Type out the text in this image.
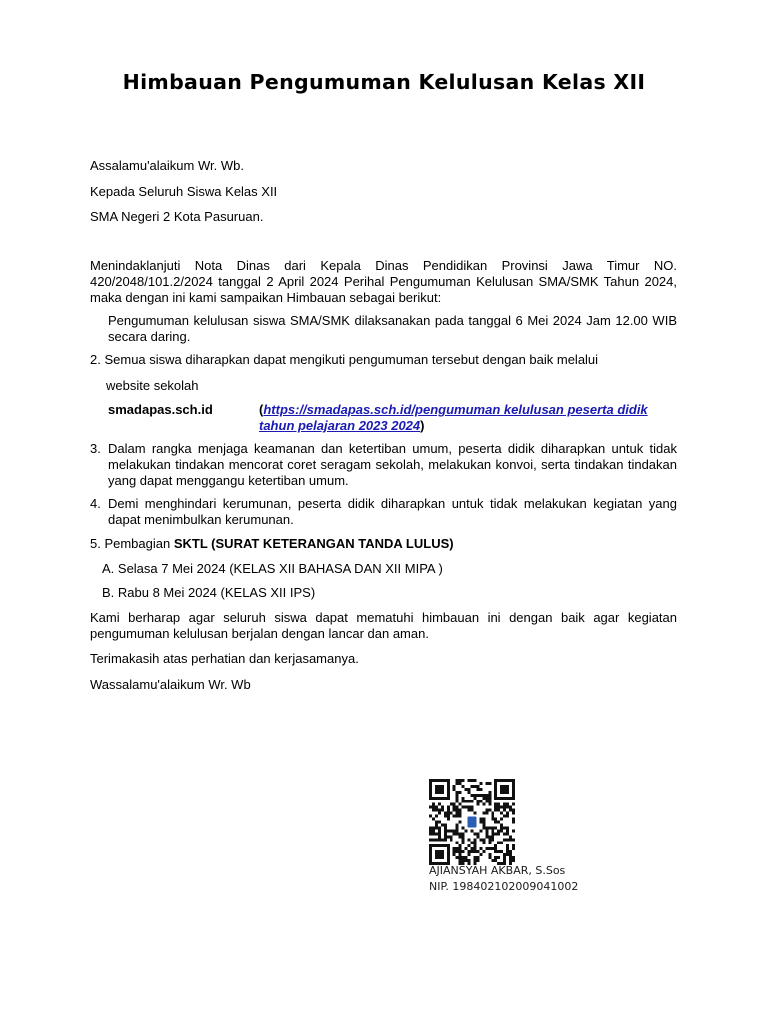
Himbauan Pengumuman Kelulusan Kelas XII
Assalamu'alaikum Wr. Wb.
Kepada Seluruh Siswa Kelas XII
SMA Negeri 2 Kota Pasuruan.
Menindaklanjuti Nota Dinas dari Kepala Dinas Pendidikan Provinsi Jawa Timur NO. 420/2048/101.2/2024 tanggal 2 April 2024 Perihal Pengumuman Kelulusan SMA/SMK Tahun 2024, maka dengan ini kami sampaikan Himbauan sebagai berikut:
Pengumuman kelulusan siswa SMA/SMK dilaksanakan pada tanggal 6 Mei 2024 Jam 12.00 WIB secara daring.
2. Semua siswa diharapkan dapat mengikuti pengumuman tersebut dengan baik melalui
website sekolah
smadapas.sch.id	(https://smadapas.sch.id/pengumuman kelulusan peserta didik tahun pelajaran 2023 2024)
3. Dalam rangka menjaga keamanan dan ketertiban umum, peserta didik diharapkan untuk tidak melakukan tindakan mencorat coret seragam sekolah, melakukan konvoi, serta tindakan tindakan yang dapat menggangu ketertiban umum.
4. Demi menghindari kerumunan, peserta didik diharapkan untuk tidak melakukan kegiatan yang dapat menimbulkan kerumunan.
5. Pembagian SKTL (SURAT KETERANGAN TANDA LULUS)
A. Selasa 7 Mei 2024 (KELAS XII BAHASA DAN XII MIPA )
B. Rabu 8 Mei 2024 (KELAS XII IPS)
Kami berharap agar seluruh siswa dapat mematuhi himbauan ini dengan baik agar kegiatan pengumuman kelulusan berjalan dengan lancar dan aman.
Terimakasih atas perhatian dan kerjasamanya.
Wassalamu'alaikum Wr. Wb
AJIANSYAH AKBAR, S.Sos
NIP. 198402102009041002
